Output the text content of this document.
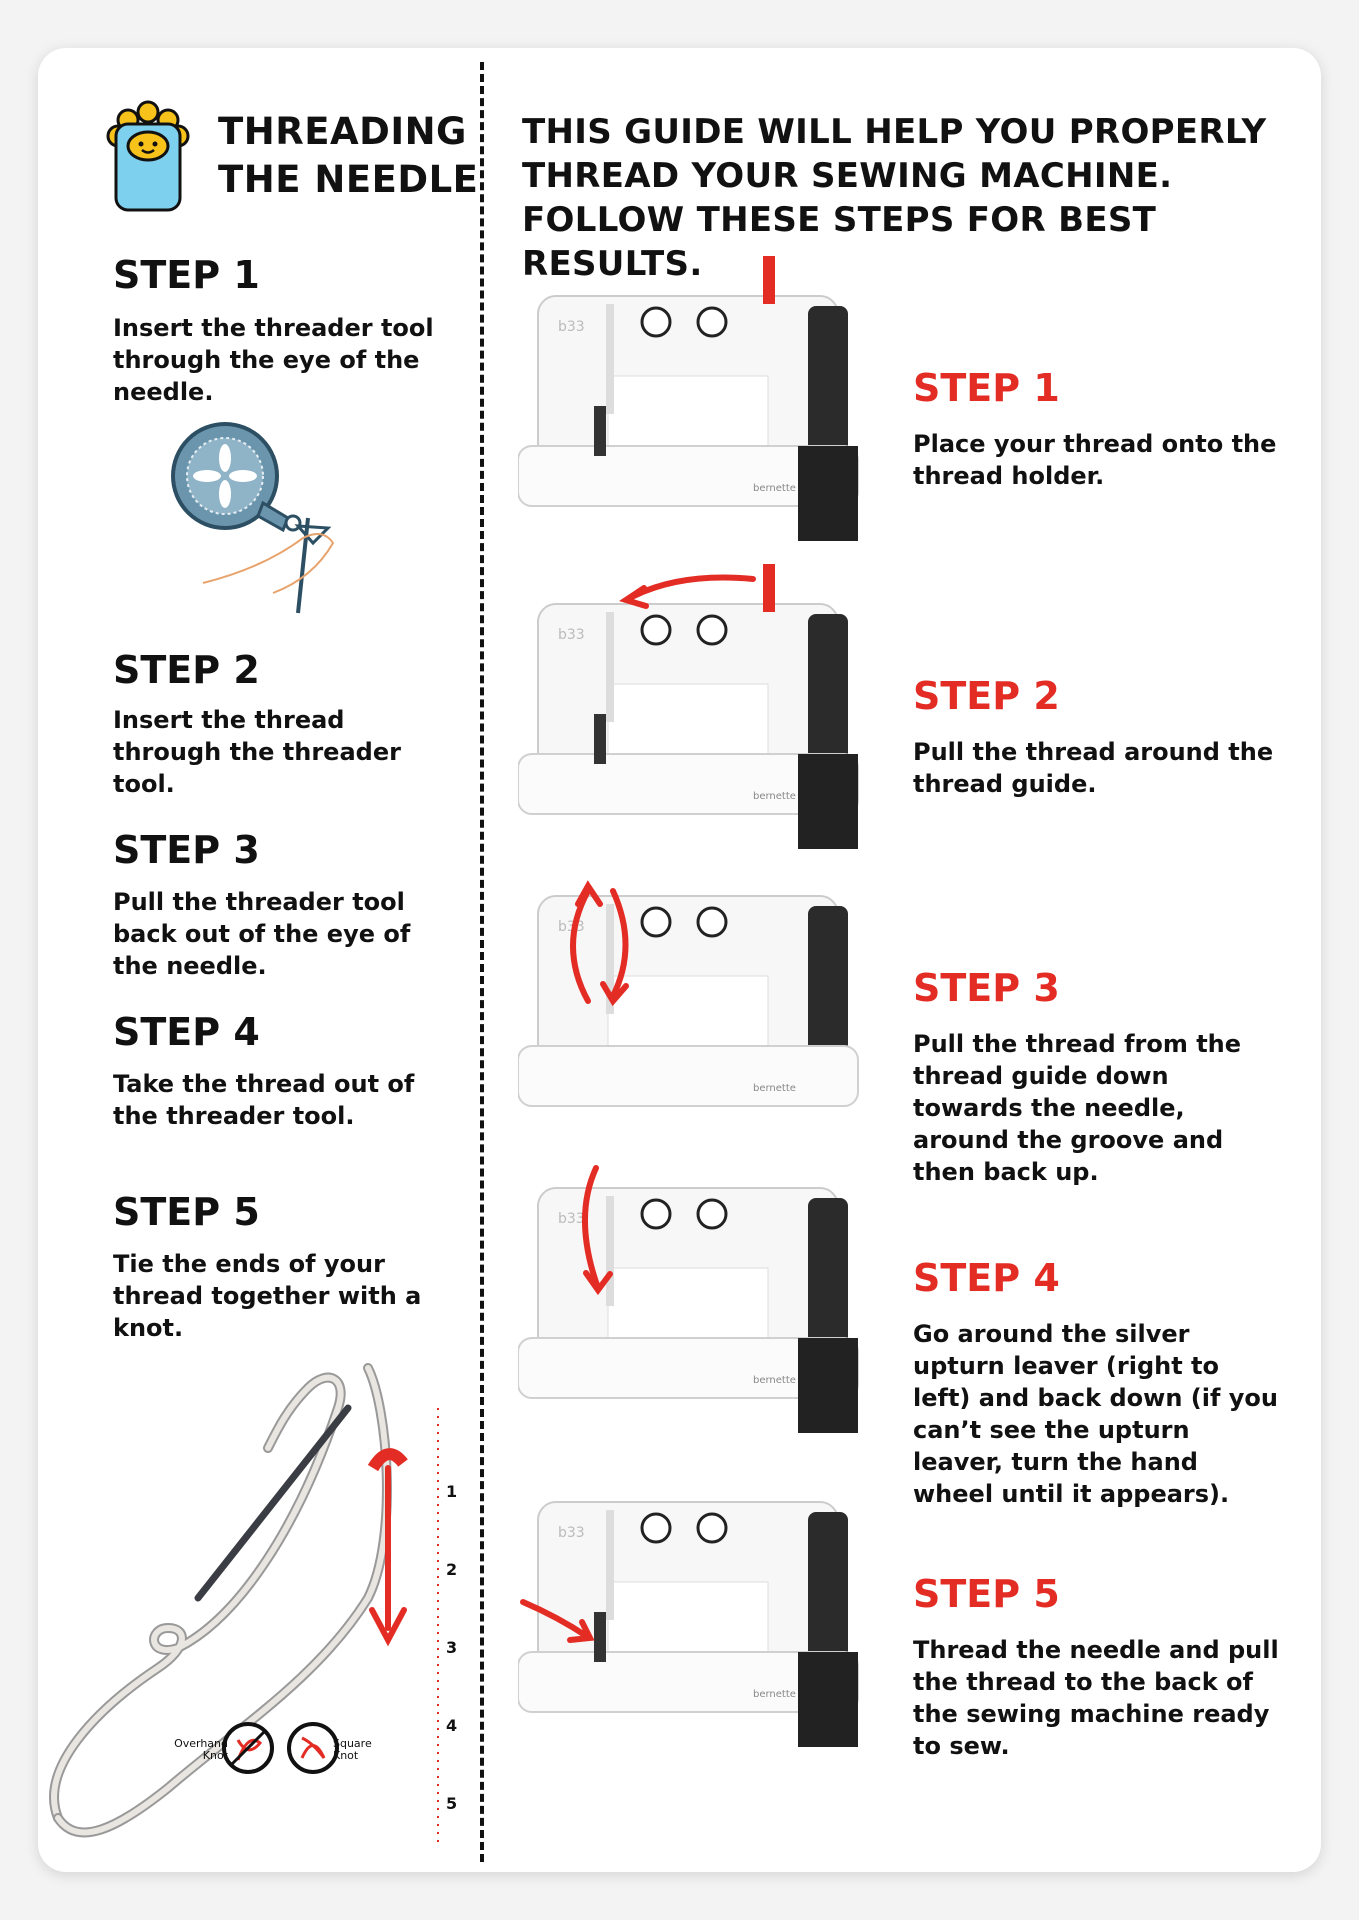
THREADING
THE NEEDLE
THIS GUIDE WILL HELP YOU PROPERLY THREAD YOUR SEWING MACHINE. FOLLOW THESE STEPS FOR BEST RESULTS.
STEP 1
Insert the threader tool through the eye of the needle.
STEP 2
Insert the thread through the threader tool.
STEP 3
Pull the threader tool back out of the eye of the needle.
STEP 4
Take the thread out of the threader tool.
STEP 5
Tie the ends of your thread together with a knot.
Overhand Knot
Square Knot
1
2
3
4
5
b33
bernette
STEP 1
Place your thread onto the thread holder.
b33
bernette
STEP 2
Pull the thread around the thread guide.
b33
bernette
STEP 3
Pull the thread from the thread guide down towards the needle, around the groove and then back up.
b33
bernette
STEP 4
Go around the silver upturn leaver (right to left) and back down (if you can’t see the upturn leaver, turn the hand wheel until it appears).
b33
bernette
STEP 5
Thread the needle and pull the thread to the back of the sewing machine ready to sew.
